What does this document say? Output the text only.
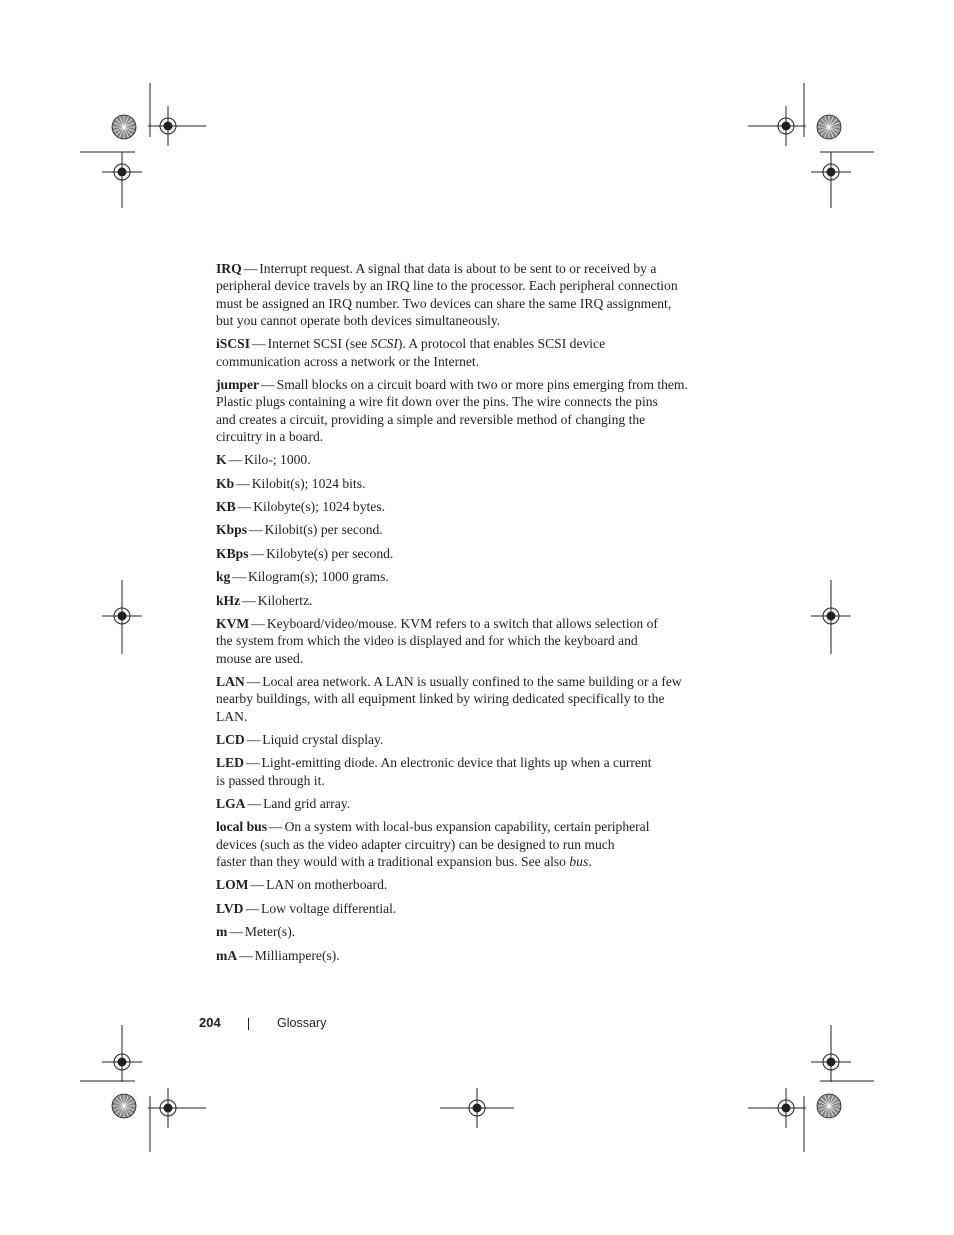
IRQ — Interrupt request. A signal that data is about to be sent to or received by a
peripheral device travels by an IRQ line to the processor. Each peripheral connection
must be assigned an IRQ number. Two devices can share the same IRQ assignment,
but you cannot operate both devices simultaneously.
iSCSI — Internet SCSI (see SCSI). A protocol that enables SCSI device
communication across a network or the Internet.
jumper — Small blocks on a circuit board with two or more pins emerging from them.
Plastic plugs containing a wire fit down over the pins. The wire connects the pins
and creates a circuit, providing a simple and reversible method of changing the
circuitry in a board.
K — Kilo-; 1000.
Kb — Kilobit(s); 1024 bits.
KB — Kilobyte(s); 1024 bytes.
Kbps — Kilobit(s) per second.
KBps — Kilobyte(s) per second.
kg — Kilogram(s); 1000 grams.
kHz — Kilohertz.
KVM — Keyboard/video/mouse. KVM refers to a switch that allows selection of
the system from which the video is displayed and for which the keyboard and
mouse are used.
LAN — Local area network. A LAN is usually confined to the same building or a few
nearby buildings, with all equipment linked by wiring dedicated specifically to the
LAN.
LCD — Liquid crystal display.
LED — Light-emitting diode. An electronic device that lights up when a current
is passed through it.
LGA — Land grid array.
local bus — On a system with local-bus expansion capability, certain peripheral
devices (such as the video adapter circuitry) can be designed to run much
faster than they would with a traditional expansion bus. See also bus.
LOM — LAN on motherboard.
LVD — Low voltage differential.
m — Meter(s).
mA — Milliampere(s).
204	Glossary
